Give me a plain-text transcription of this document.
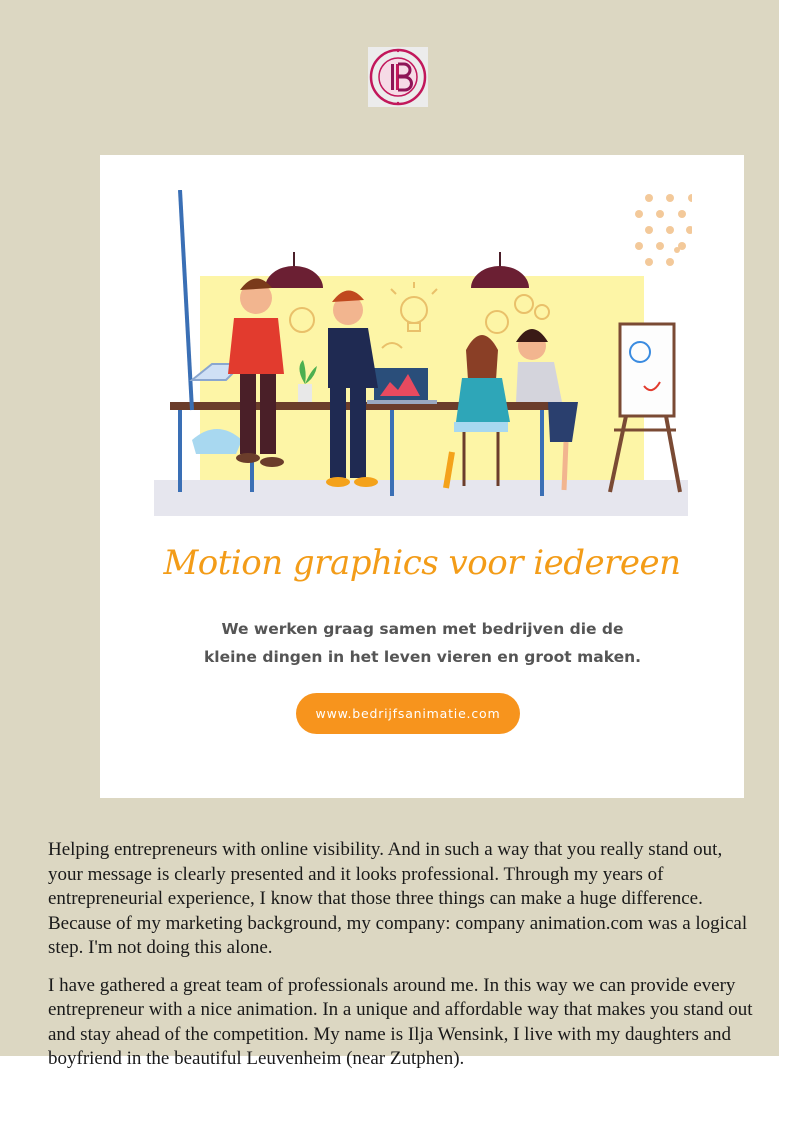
Motion graphics voor iedereen
We werken graag samen met bedrijven die de kleine dingen in het leven vieren en groot maken.
www.bedrijfsanimatie.com

Helping entrepreneurs with online visibility. And in such a way that you really stand out, your message is clearly presented and it looks professional. Through my years of entrepreneurial experience, I know that those three things can make a huge difference. Because of my marketing background, my company: company animation.com was a logical step. I'm not doing this alone.

I have gathered a great team of professionals around me. In this way we can provide every entrepreneur with a nice animation. In a unique and affordable way that makes you stand out and stay ahead of the competition. My name is Ilja Wensink, I live with my daughters and boyfriend in the beautiful Leuvenheim (near Zutphen).
